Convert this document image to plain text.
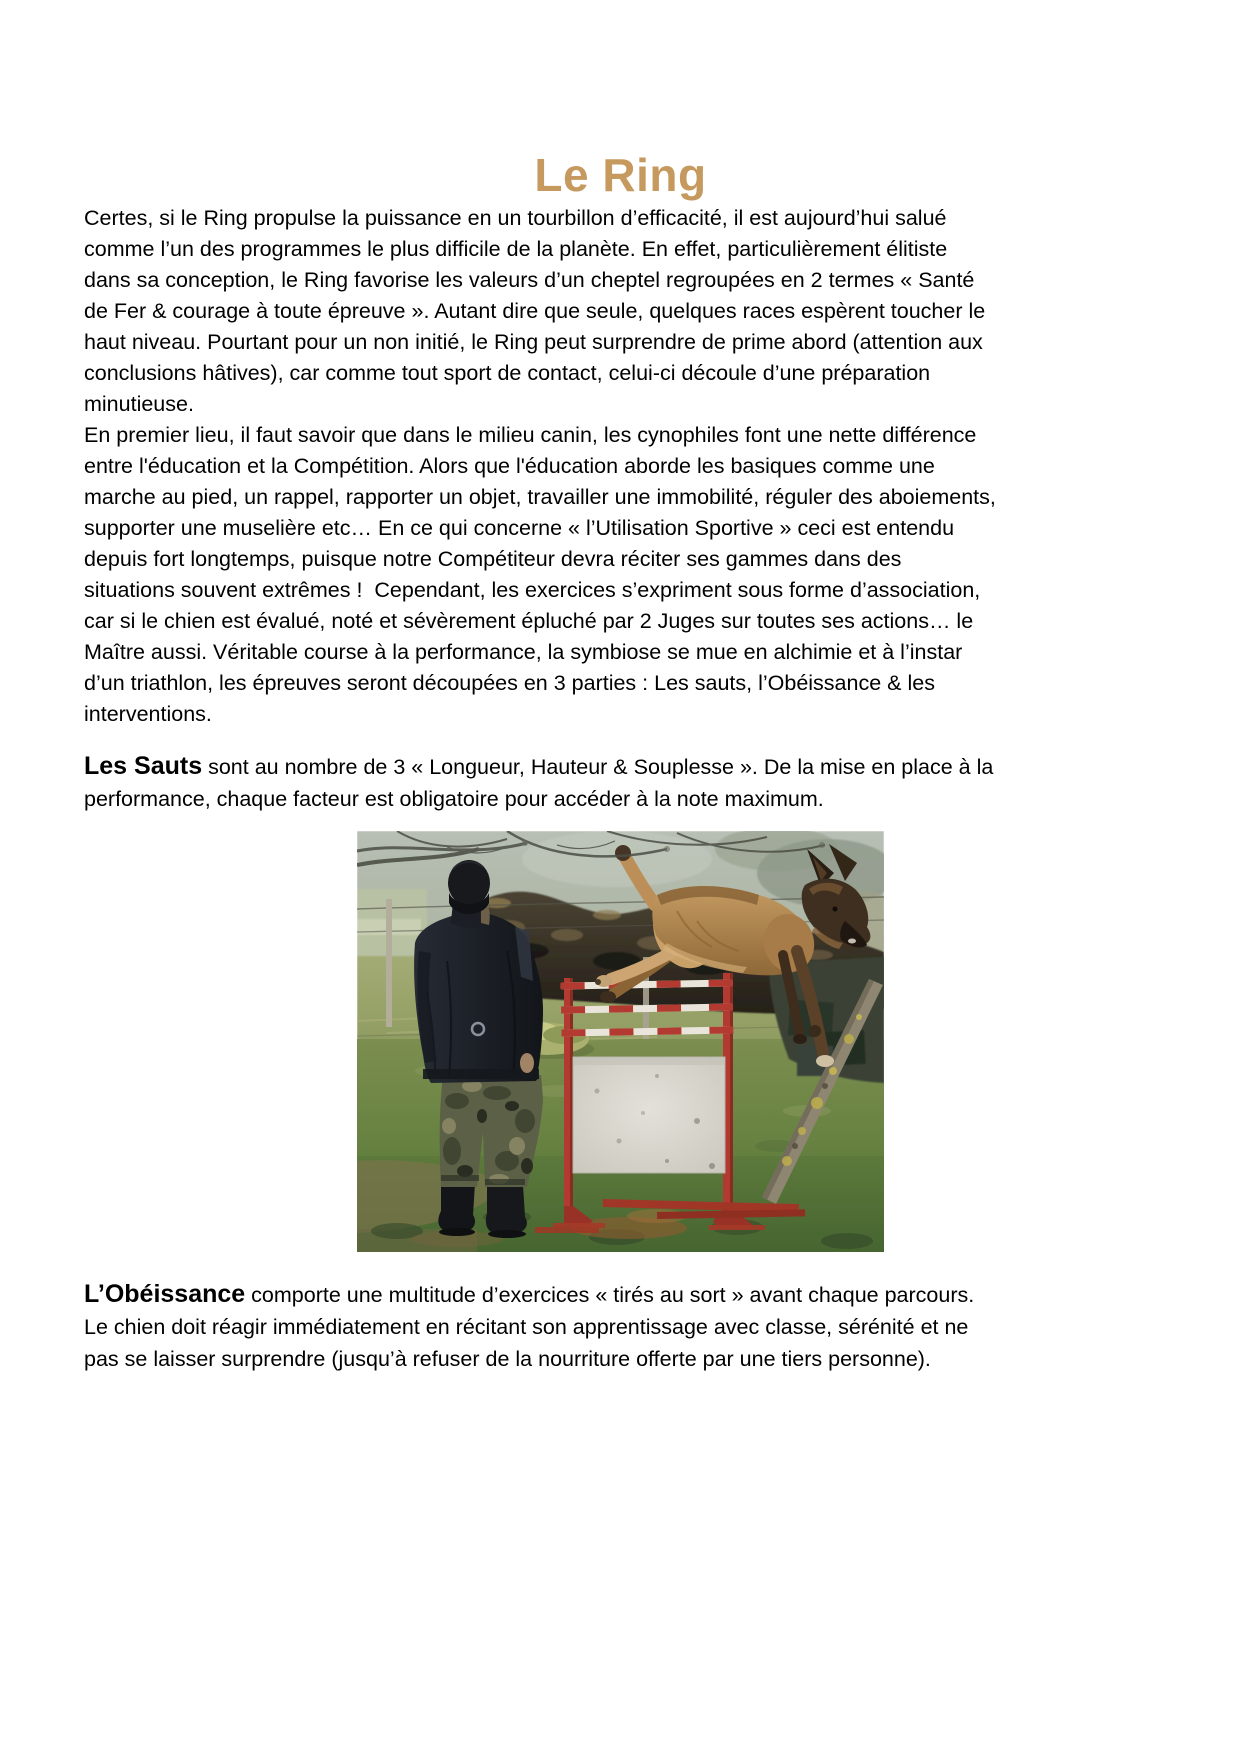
Le Ring
Certes, si le Ring propulse la puissance en un tourbillon d’efficacité, il est aujourd’hui salué
comme l’un des programmes le plus difficile de la planète. En effet, particulièrement élitiste
dans sa conception, le Ring favorise les valeurs d’un cheptel regroupées en 2 termes « Santé
de Fer & courage à toute épreuve ». Autant dire que seule, quelques races espèrent toucher le
haut niveau. Pourtant pour un non initié, le Ring peut surprendre de prime abord (attention aux
conclusions hâtives), car comme tout sport de contact, celui-ci découle d’une préparation
minutieuse.
En premier lieu, il faut savoir que dans le milieu canin, les cynophiles font une nette différence
entre l'éducation et la Compétition. Alors que l'éducation aborde les basiques comme une
marche au pied, un rappel, rapporter un objet, travailler une immobilité, réguler des aboiements,
supporter une muselière etc… En ce qui concerne « l’Utilisation Sportive » ceci est entendu
depuis fort longtemps, puisque notre Compétiteur devra réciter ses gammes dans des
situations souvent extrêmes !  Cependant, les exercices s’expriment sous forme d’association,
car si le chien est évalué, noté et sévèrement épluché par 2 Juges sur toutes ses actions… le
Maître aussi. Véritable course à la performance, la symbiose se mue en alchimie et à l’instar
d’un triathlon, les épreuves seront découpées en 3 parties : Les sauts, l’Obéissance & les
interventions.
Les Sauts sont au nombre de 3 « Longueur, Hauteur & Souplesse ». De la mise en place à la
performance, chaque facteur est obligatoire pour accéder à la note maximum.
L’Obéissance comporte une multitude d’exercices « tirés au sort » avant chaque parcours.
Le chien doit réagir immédiatement en récitant son apprentissage avec classe, sérénité et ne
pas se laisser surprendre (jusqu’à refuser de la nourriture offerte par une tiers personne).
